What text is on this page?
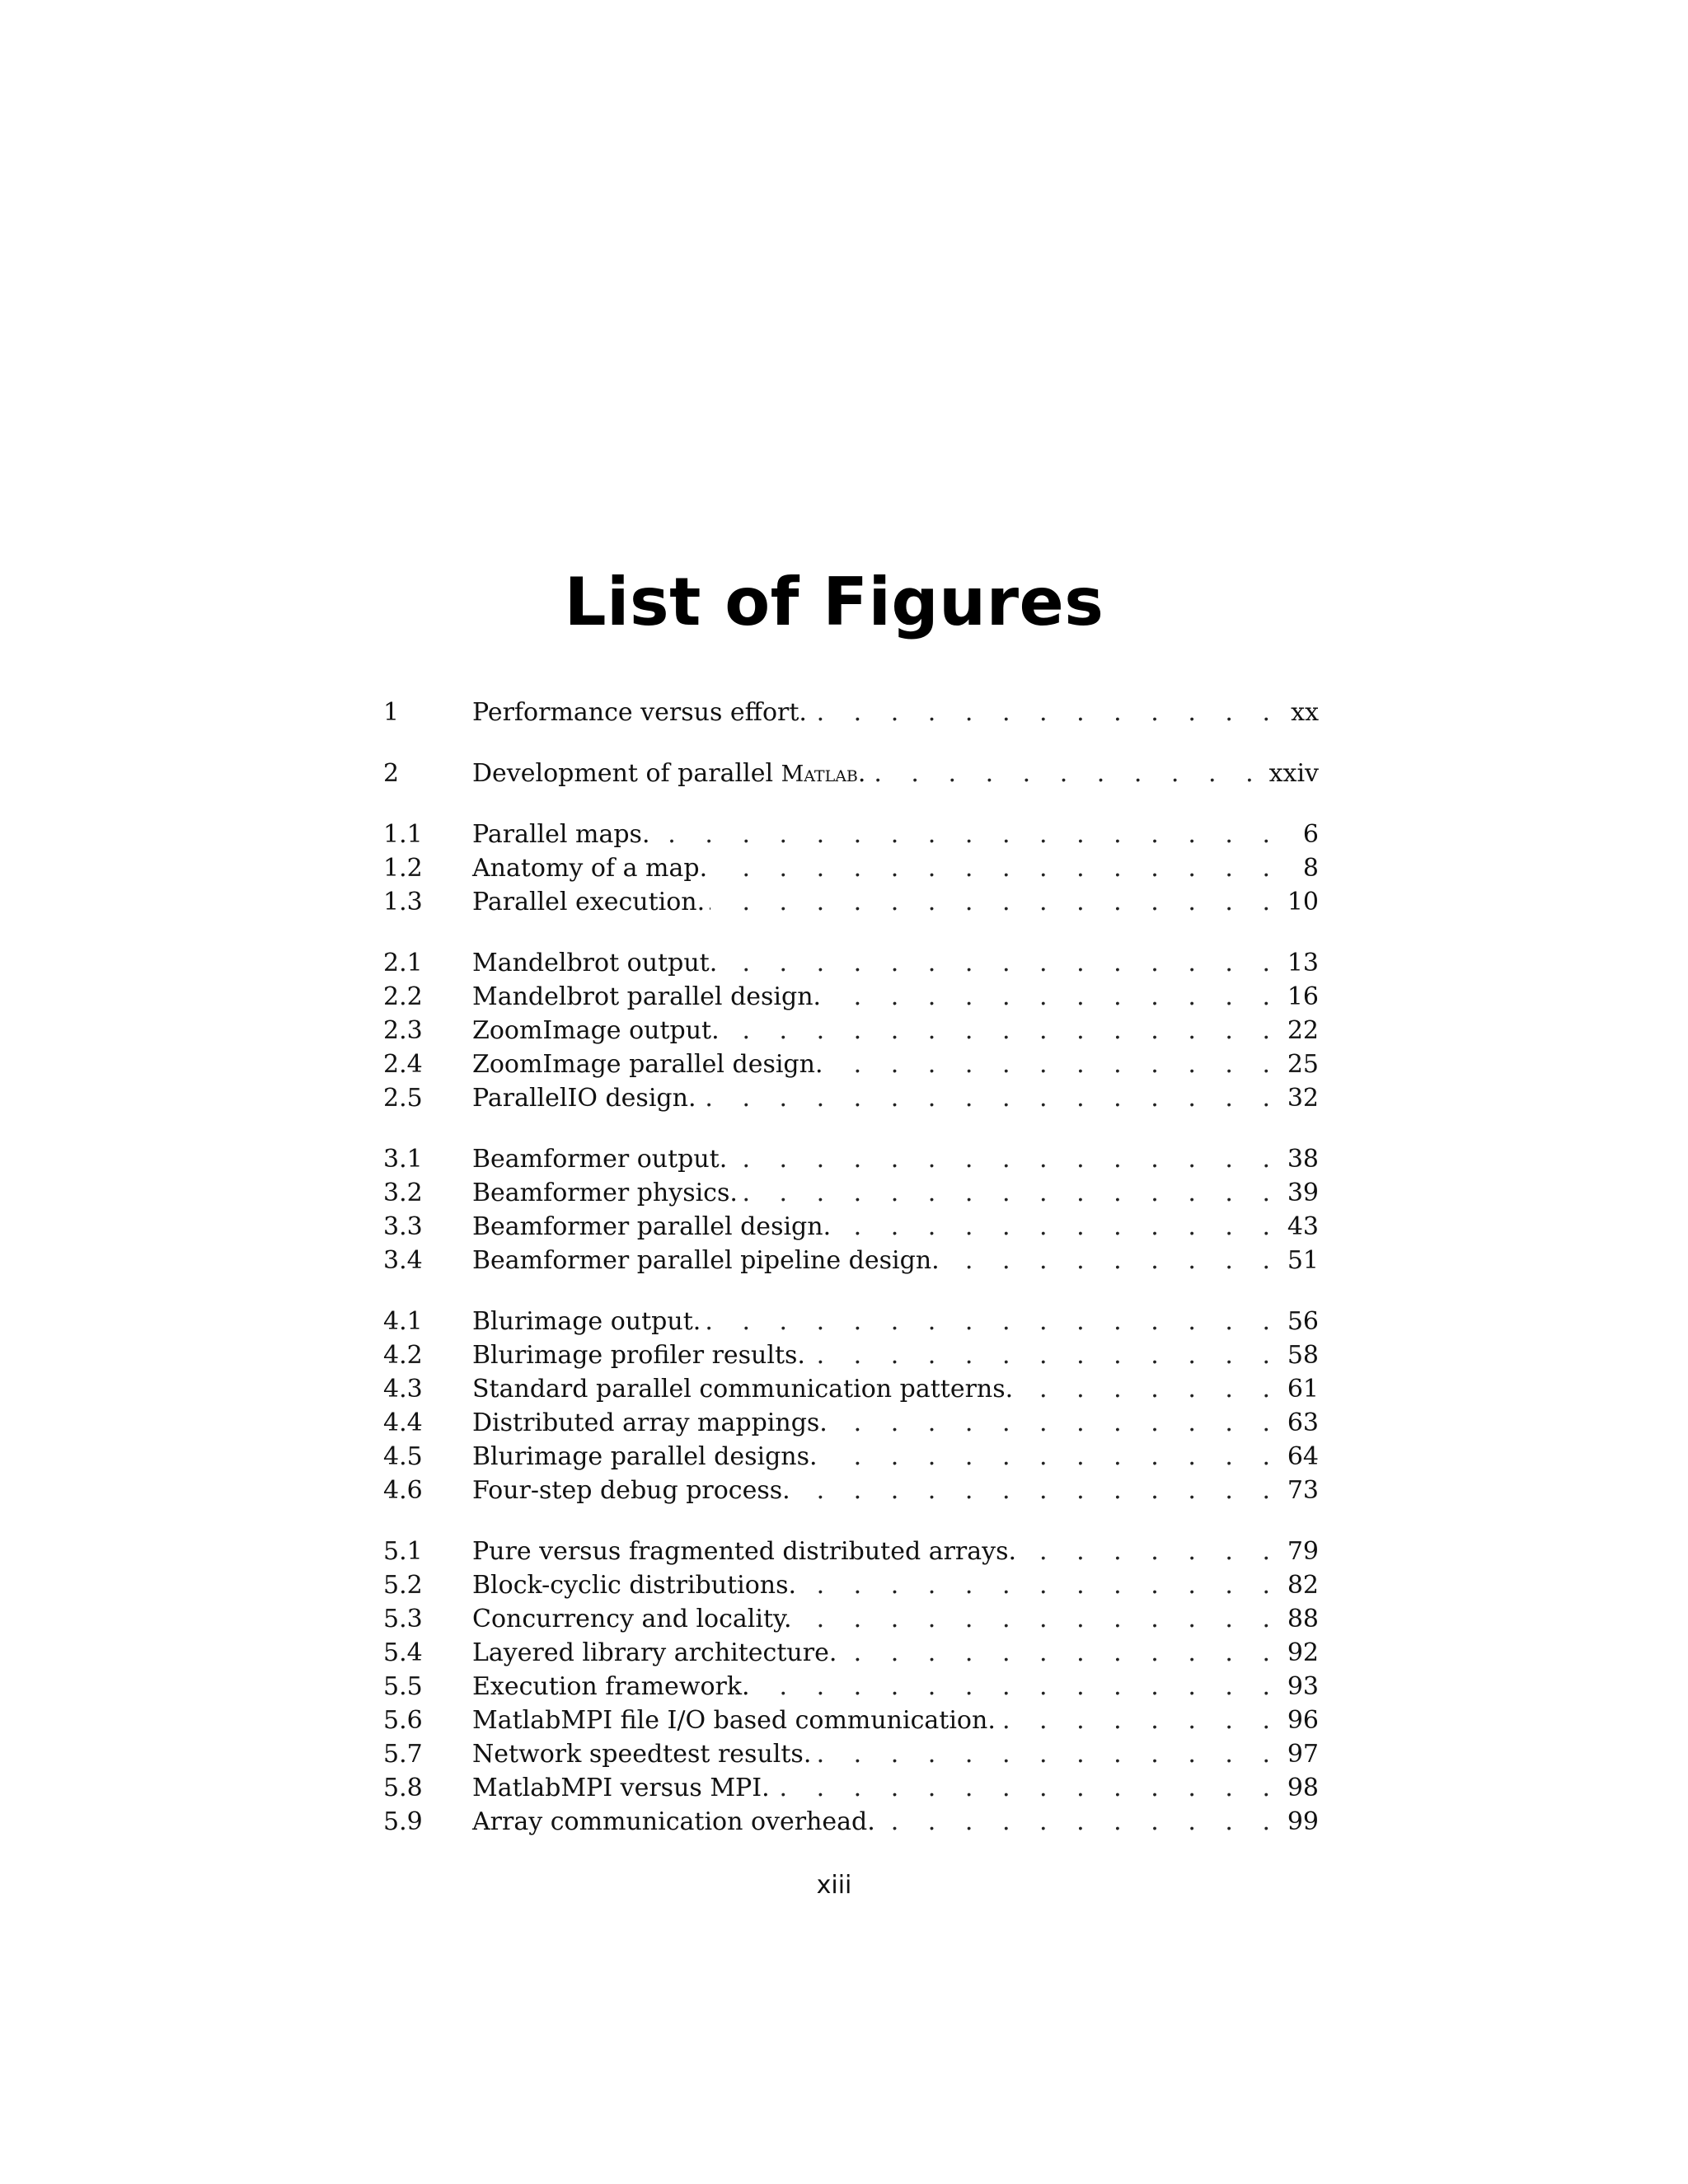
List of Figures
1	Performance versus effort. . . .	xx
2	Development of parallel Matlab. . . .	xxiv
1.1	Parallel maps. . . .	6
1.2	Anatomy of a map. . . .	8
1.3	Parallel execution. . . .	10
2.1	Mandelbrot output. . . .	13
2.2	Mandelbrot parallel design. . . .	16
2.3	ZoomImage output. . . .	22
2.4	ZoomImage parallel design. . . .	25
2.5	ParallelIO design. . . .	32
3.1	Beamformer output. . . .	38
3.2	Beamformer physics. . . .	39
3.3	Beamformer parallel design. . . .	43
3.4	Beamformer parallel pipeline design. . . .	51
4.1	Blurimage output. . . .	56
4.2	Blurimage profiler results. . . .	58
4.3	Standard parallel communication patterns. . . .	61
4.4	Distributed array mappings. . . .	63
4.5	Blurimage parallel designs. . . .	64
4.6	Four-step debug process. . . .	73
5.1	Pure versus fragmented distributed arrays. . . .	79
5.2	Block-cyclic distributions. . . .	82
5.3	Concurrency and locality. . . .	88
5.4	Layered library architecture. . . .	92
5.5	Execution framework. . . .	93
5.6	MatlabMPI file I/O based communication. . . .	96
5.7	Network speedtest results. . . .	97
5.8	MatlabMPI versus MPI. . . .	98
5.9	Array communication overhead. . . .	99
xiii
